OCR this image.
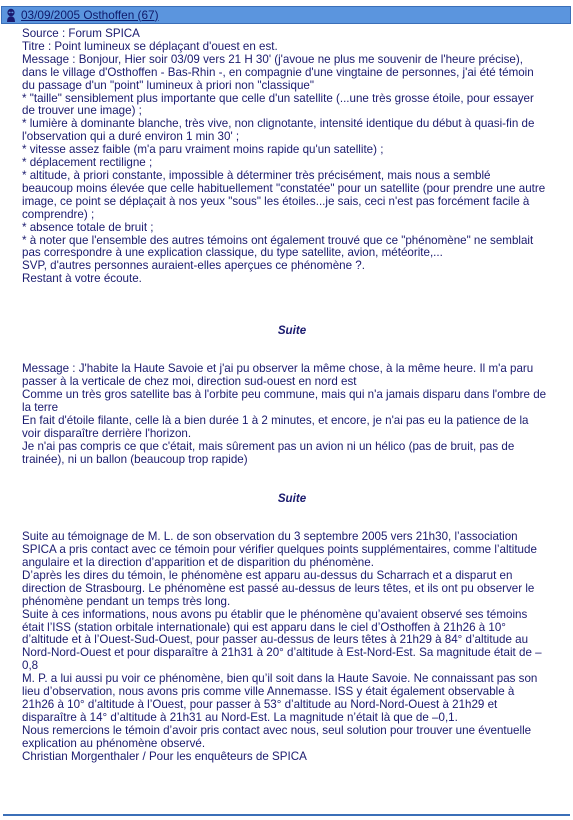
03/09/2005 Osthoffen (67)
Source : Forum SPICA
Titre : Point lumineux se déplaçant d'ouest en est.
Message : Bonjour, Hier soir 03/09 vers 21 H 30' (j'avoue ne plus me souvenir de l'heure précise),
dans le village d'Osthoffen - Bas-Rhin -, en compagnie d'une vingtaine de personnes, j'ai été témoin
du passage d'un "point" lumineux à priori non "classique"
* "taille" sensiblement plus importante que celle d'un satellite (...une très grosse étoile, pour essayer
de trouver une image) ;
* lumière à dominante blanche, très vive, non clignotante, intensité identique du début à quasi-fin de
l'observation qui a duré environ 1 min 30' ;
* vitesse assez faible (m'a paru vraiment moins rapide qu'un satellite) ;
* déplacement rectiligne ;
* altitude, à priori constante, impossible à déterminer très précisément, mais nous a semblé
beaucoup moins élevée que celle habituellement "constatée" pour un satellite (pour prendre une autre
image, ce point se déplaçait à nos yeux "sous" les étoiles...je sais, ceci n'est pas forcément facile à
comprendre) ;
* absence totale de bruit ;
* à noter que l'ensemble des autres témoins ont également trouvé que ce "phénomène" ne semblait
pas correspondre à une explication classique, du type satellite, avion, météorite,...
SVP, d'autres personnes auraient-elles aperçues ce phénomène ?.
Restant à votre écoute.
Suite
Message : J'habite la Haute Savoie et j'ai pu observer la même chose, à la même heure. Il m'a paru
passer à la verticale de chez moi, direction sud-ouest en nord est
Comme un très gros satellite bas à l'orbite peu commune, mais qui n'a jamais disparu dans l'ombre de
la terre
En fait d'étoile filante, celle là a bien durée 1 à 2 minutes, et encore, je n'ai pas eu la patience de la
voir disparaître derrière l'horizon.
Je n'ai pas compris ce que c'était, mais sûrement pas un avion ni un hélico (pas de bruit, pas de
trainée), ni un ballon (beaucoup trop rapide)
Suite
Suite au témoignage de M. L. de son observation du 3 septembre 2005 vers 21h30, l’association
SPICA a pris contact avec ce témoin pour vérifier quelques points supplémentaires, comme l’altitude
angulaire et la direction d’apparition et de disparition du phénomène.
D’après les dires du témoin, le phénomène est apparu au-dessus du Scharrach et a disparut en
direction de Strasbourg. Le phénomène est passé au-dessus de leurs têtes, et ils ont pu observer le
phénomène pendant un temps très long.
Suite à ces informations, nous avons pu établir que le phénomène qu’avaient observé ses témoins
était l’ISS (station orbitale internationale) qui est apparu dans le ciel d’Osthoffen à 21h26 à 10°
d’altitude et à l’Ouest-Sud-Ouest, pour passer au-dessus de leurs têtes à 21h29 à 84° d’altitude au
Nord-Nord-Ouest et pour disparaître à 21h31 à 20° d’altitude à Est-Nord-Est. Sa magnitude était de –
0,8
M. P. a lui aussi pu voir ce phénomène, bien qu’il soit dans la Haute Savoie. Ne connaissant pas son
lieu d’observation, nous avons pris comme ville Annemasse. ISS y était également observable à
21h26 à 10° d’altitude à l’Ouest, pour passer à 53° d’altitude au Nord-Nord-Ouest à 21h29 et
disparaître à 14° d’altitude à 21h31 au Nord-Est. La magnitude n’était là que de –0,1.
Nous remercions le témoin d’avoir pris contact avec nous, seul solution pour trouver une éventuelle
explication au phénomène observé.
Christian Morgenthaler / Pour les enquêteurs de SPICA
